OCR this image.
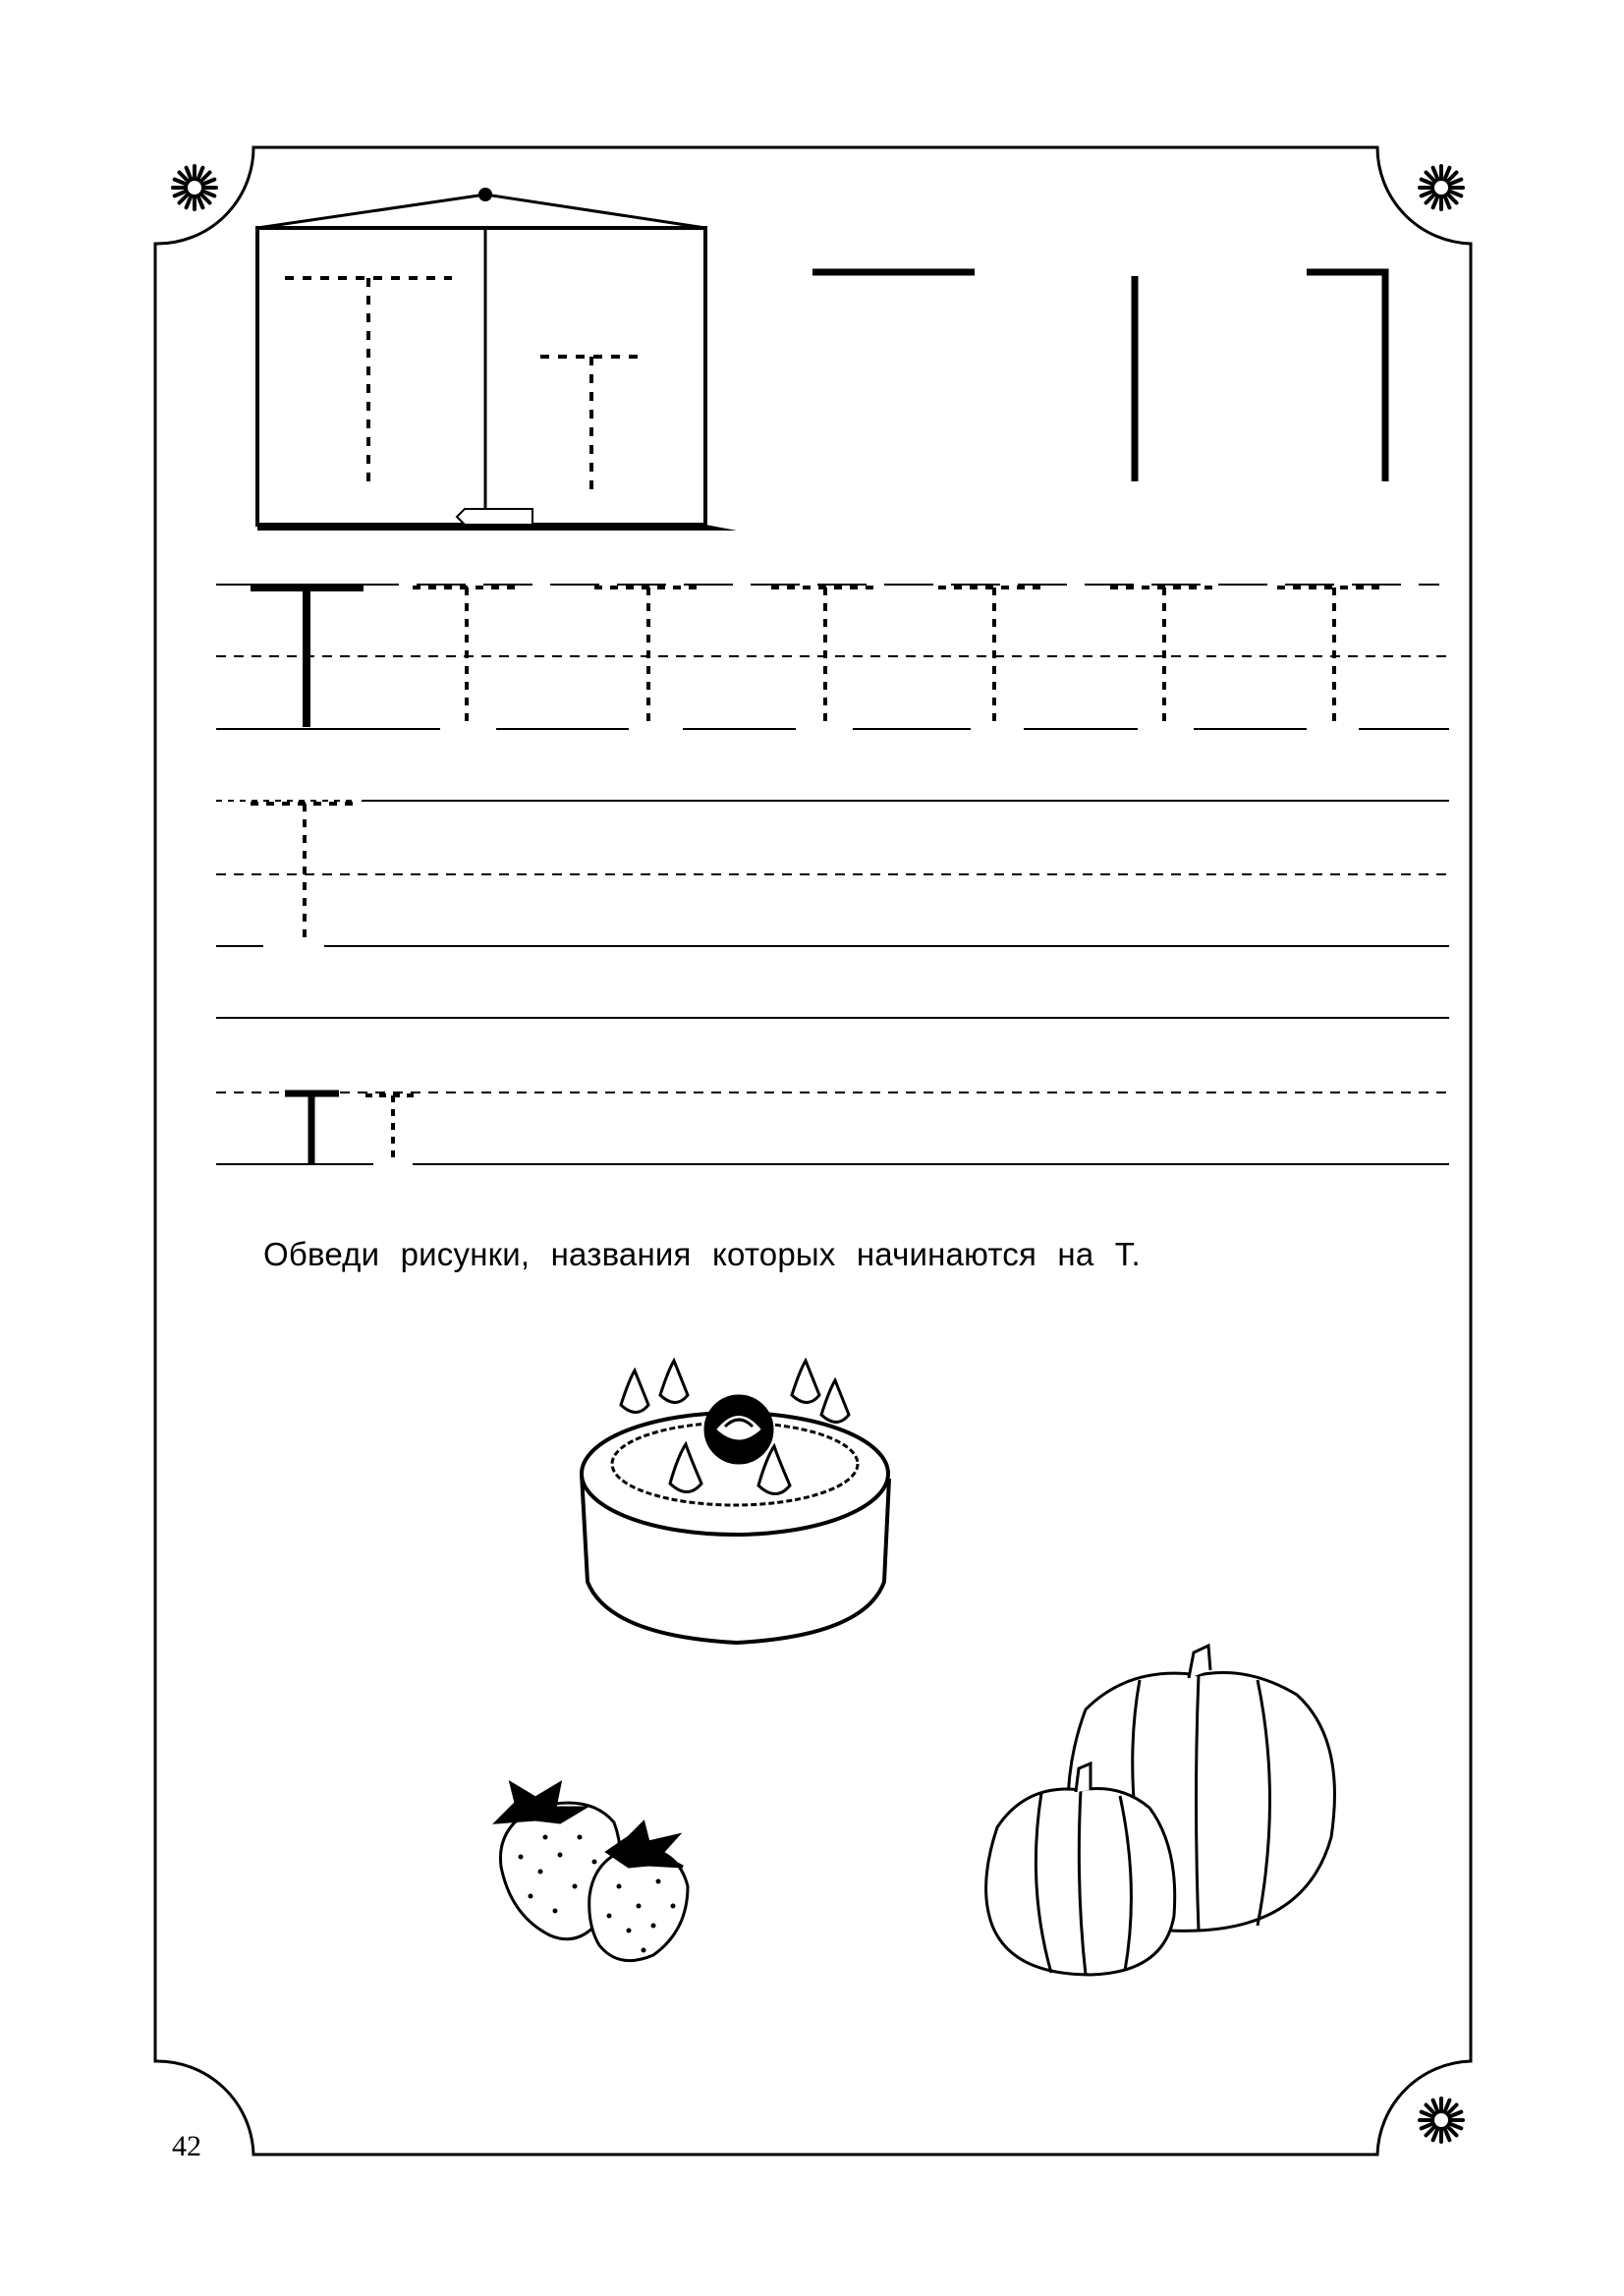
Обведи рисунки, названия которых начинаются на Т.
42
